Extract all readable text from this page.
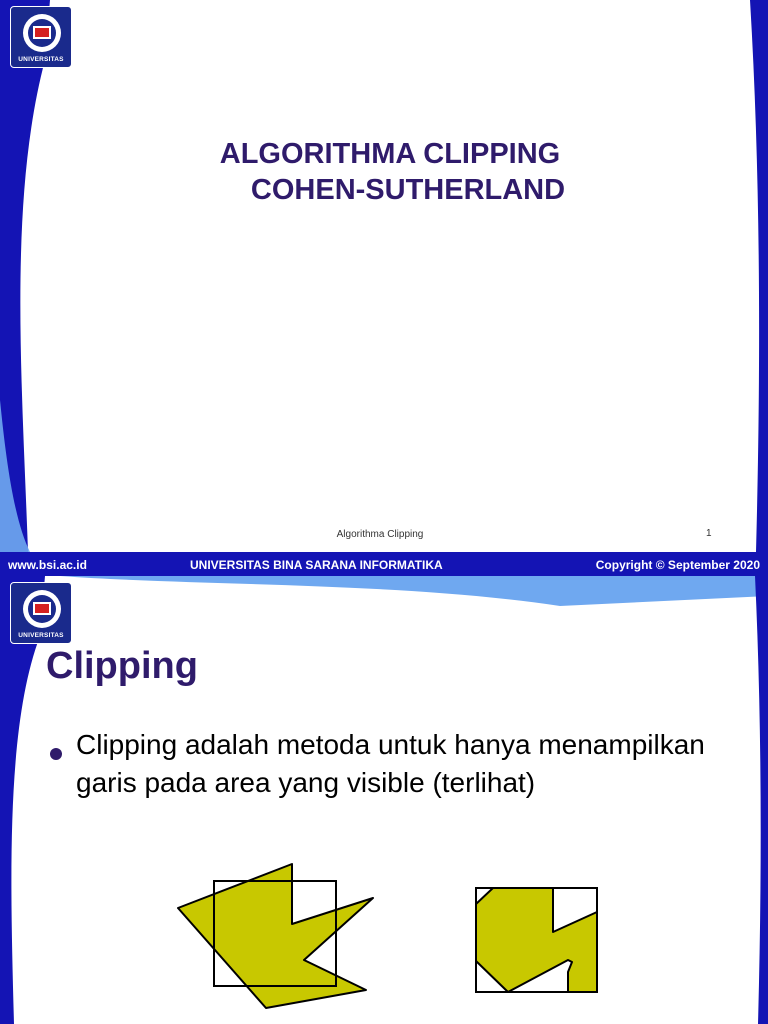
UNIVERSITAS
ALGORITHMA CLIPPING
COHEN-SUTHERLAND
Algorithma Clipping	1
www.bsi.ac.id	UNIVERSITAS BINA SARANA INFORMATIKA	Copyright © September 2020
UNIVERSITAS
Clipping
Clipping adalah metoda untuk hanya menampilkan garis pada area yang visible (terlihat)
